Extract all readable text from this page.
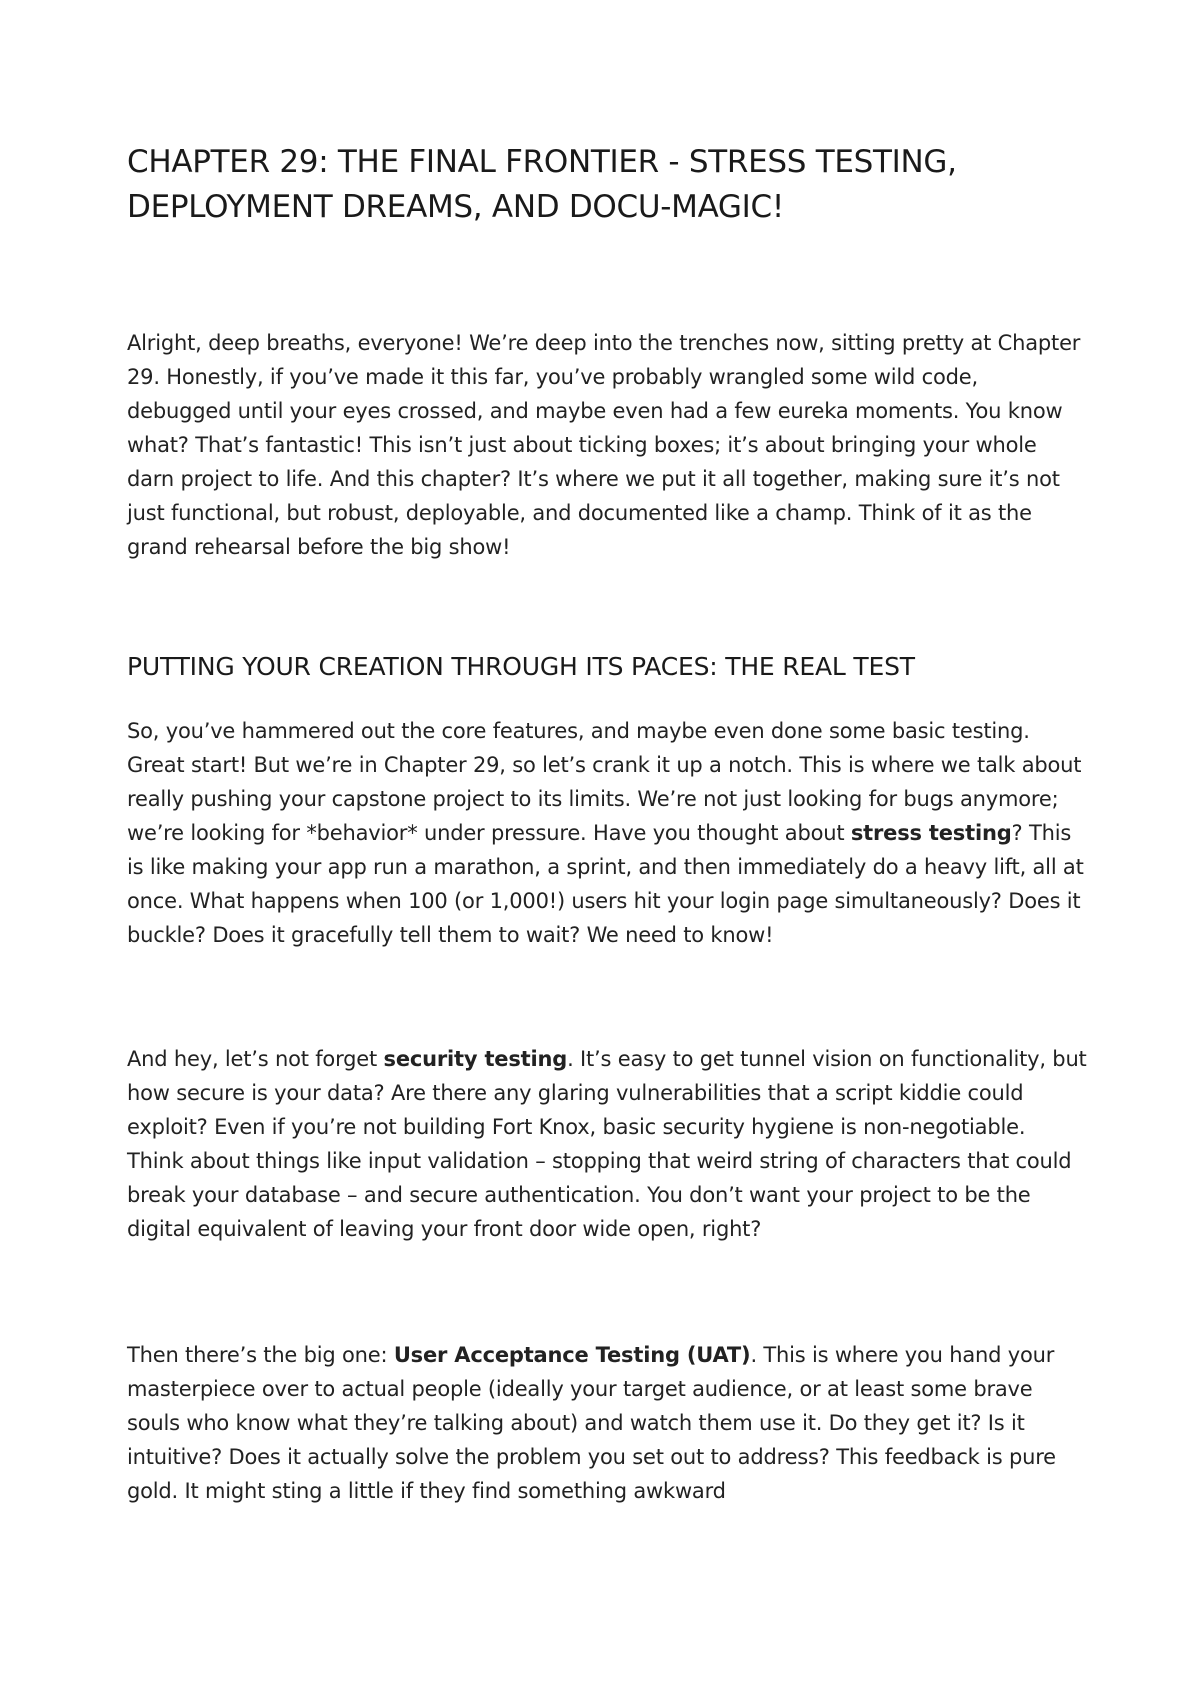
CHAPTER 29: THE FINAL FRONTIER - STRESS TESTING, DEPLOYMENT DREAMS, AND DOCU-MAGIC!

Alright, deep breaths, everyone! We’re deep into the trenches now, sitting pretty at Chapter 29. Honestly, if you’ve made it this far, you’ve probably wrangled some wild code, debugged until your eyes crossed, and maybe even had a few eureka moments. You know what? That’s fantastic! This isn’t just about ticking boxes; it’s about bringing your whole darn project to life. And this chapter? It’s where we put it all together, making sure it’s not just functional, but robust, deployable, and documented like a champ. Think of it as the grand rehearsal before the big show!

PUTTING YOUR CREATION THROUGH ITS PACES: THE REAL TEST

So, you’ve hammered out the core features, and maybe even done some basic testing. Great start! But we’re in Chapter 29, so let’s crank it up a notch. This is where we talk about really pushing your capstone project to its limits. We’re not just looking for bugs anymore; we’re looking for *behavior* under pressure. Have you thought about stress testing? This is like making your app run a marathon, a sprint, and then immediately do a heavy lift, all at once. What happens when 100 (or 1,000!) users hit your login page simultaneously? Does it buckle? Does it gracefully tell them to wait? We need to know!

And hey, let’s not forget security testing. It’s easy to get tunnel vision on functionality, but how secure is your data? Are there any glaring vulnerabilities that a script kiddie could exploit? Even if you’re not building Fort Knox, basic security hygiene is non-negotiable. Think about things like input validation – stopping that weird string of characters that could break your database – and secure authentication. You don’t want your project to be the digital equivalent of leaving your front door wide open, right?

Then there’s the big one: User Acceptance Testing (UAT). This is where you hand your masterpiece over to actual people (ideally your target audience, or at least some brave souls who know what they’re talking about) and watch them use it. Do they get it? Is it intuitive? Does it actually solve the problem you set out to address? This feedback is pure gold. It might sting a little if they find something awkward
